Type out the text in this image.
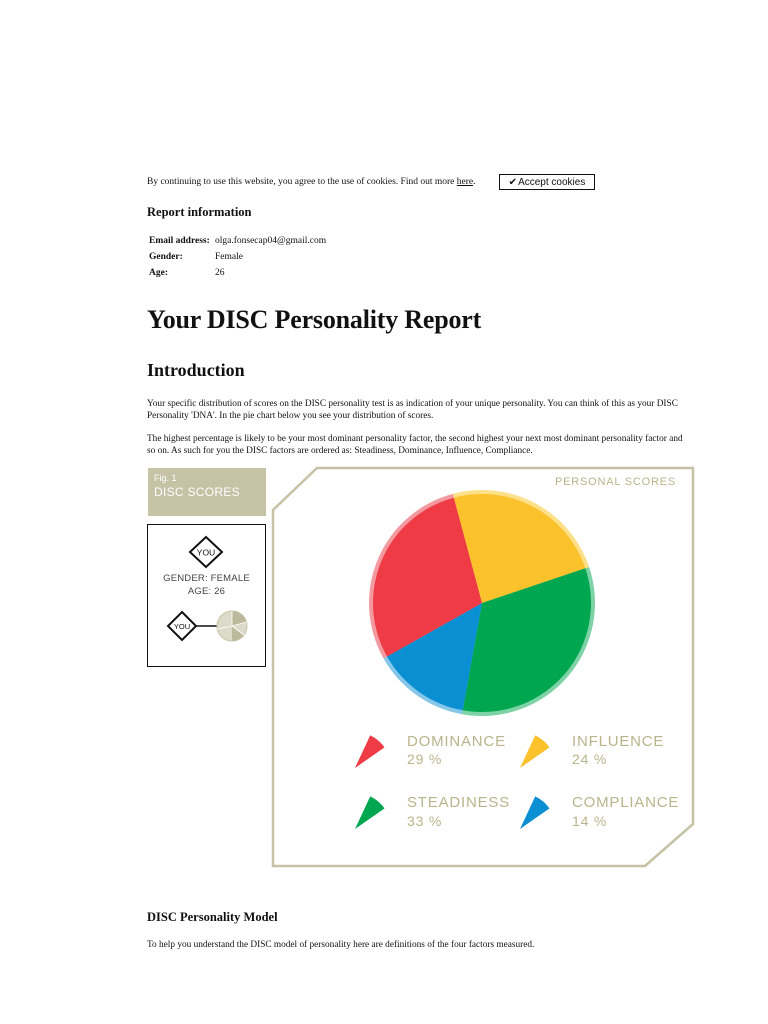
By continuing to use this website, you agree to the use of cookies. Find out more here.	✔ Accept cookies
Report information
Email address:	olga.fonsecap04@gmail.com
Gender:	Female
Age:	26
Your DISC Personality Report
Introduction

Your specific distribution of scores on the DISC personality test is as indication of your unique personality. You can think of this as your DISC Personality 'DNA'. In the pie chart below you see your distribution of scores.

The highest percentage is likely to be your most dominant personality factor, the second highest your next most dominant personality factor and so on. As such for you the DISC factors are ordered as: Steadiness, Dominance, Influence, Compliance.

Fig. 1
DISC SCORES
YOU
GENDER: FEMALE
AGE: 26
YOU
PERSONAL SCORES
DOMINANCE
29 %
INFLUENCE
24 %
STEADINESS
33 %
COMPLIANCE
14 %
DISC Personality Model

To help you understand the DISC model of personality here are definitions of the four factors measured.
